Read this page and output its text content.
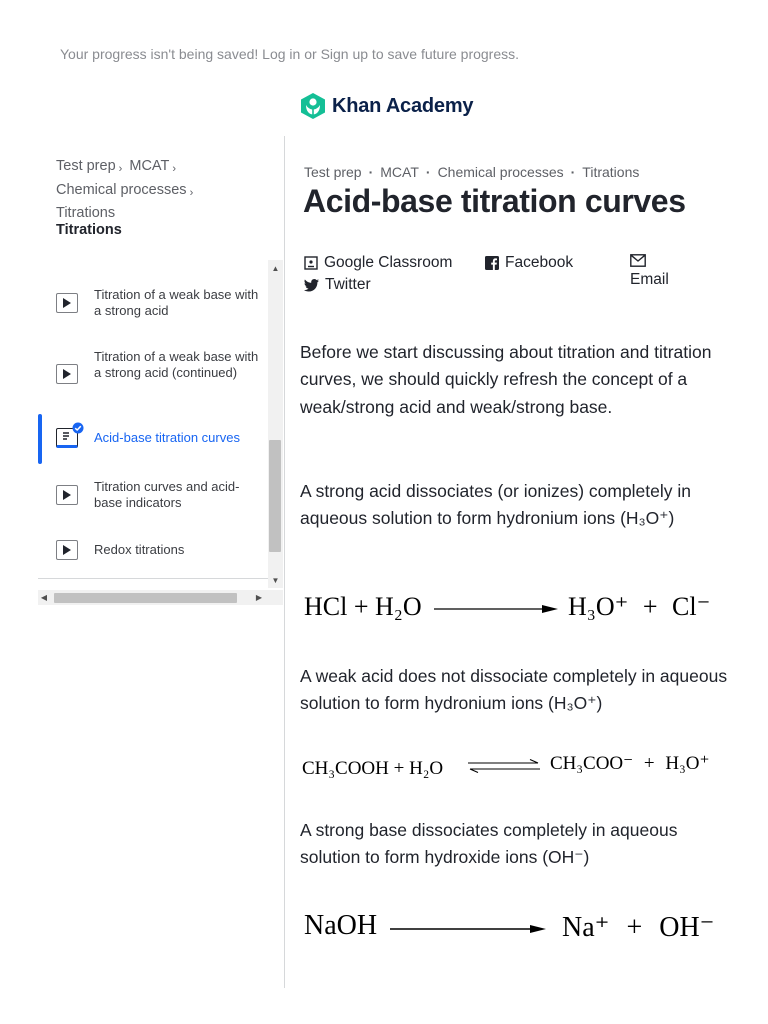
Your progress isn't being saved! Log in or Sign up to save future progress.
Khan Academy
Test prep › MCAT ›
Chemical processes ›
Titrations
Titrations
Titration of a weak base with a strong acid
Titration of a weak base with a strong acid (continued)
Acid-base titration curves
Titration curves and acid-base indicators
Redox titrations
▲
▼
◀	▶
Test prep · MCAT · Chemical processes · Titrations
Acid-base titration curves
Google Classroom	Facebook
Twitter	Email

Before we start discussing about titration and titration curves, we should quickly refresh the concept of a weak/strong acid and weak/strong base.

A strong acid dissociates (or ionizes) completely in aqueous solution to form hydronium ions (H₃O⁺)

HCl + H₂O	H₃O⁺ + Cl⁻

A weak acid does not dissociate completely in aqueous solution to form hydronium ions (H₃O⁺)

CH₃COOH + H₂O	CH₃COO⁻ + H₃O⁺

A strong base dissociates completely in aqueous solution to form hydroxide ions (OH⁻)

NaOH	Na⁺ + OH⁻
